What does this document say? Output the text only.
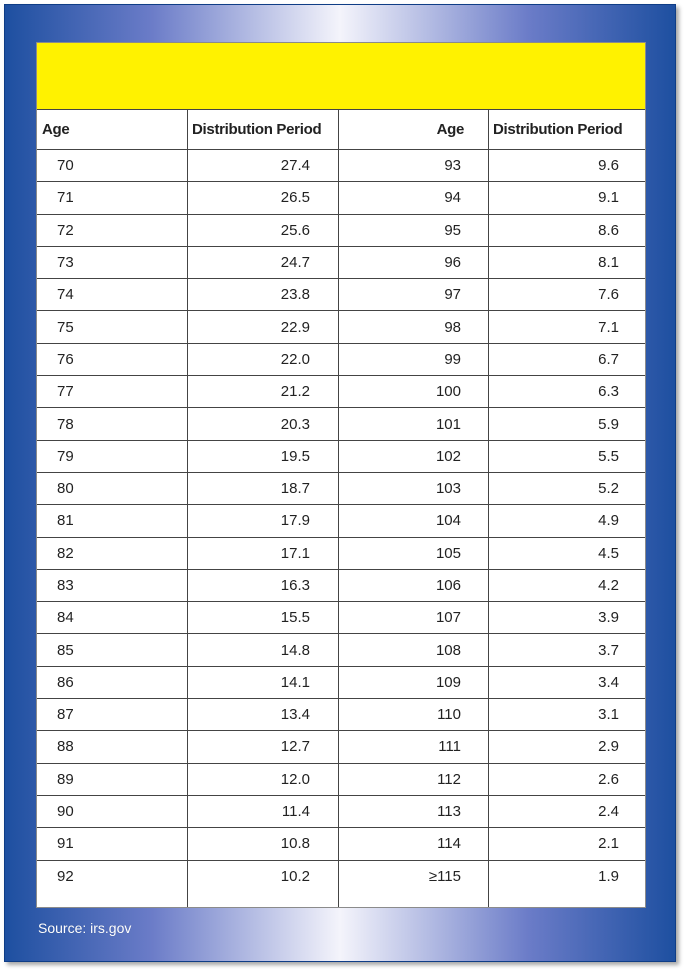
Age	Distribution Period	Age	Distribution Period
70	27.4	93	9.6
71	26.5	94	9.1
72	25.6	95	8.6
73	24.7	96	8.1
74	23.8	97	7.6
75	22.9	98	7.1
76	22.0	99	6.7
77	21.2	100	6.3
78	20.3	101	5.9
79	19.5	102	5.5
80	18.7	103	5.2
81	17.9	104	4.9
82	17.1	105	4.5
83	16.3	106	4.2
84	15.5	107	3.9
85	14.8	108	3.7
86	14.1	109	3.4
87	13.4	110	3.1
88	12.7	111	2.9
89	12.0	112	2.6
90	11.4	113	2.4
91	10.8	114	2.1
92	10.2	≥115	1.9
Source: irs.gov
